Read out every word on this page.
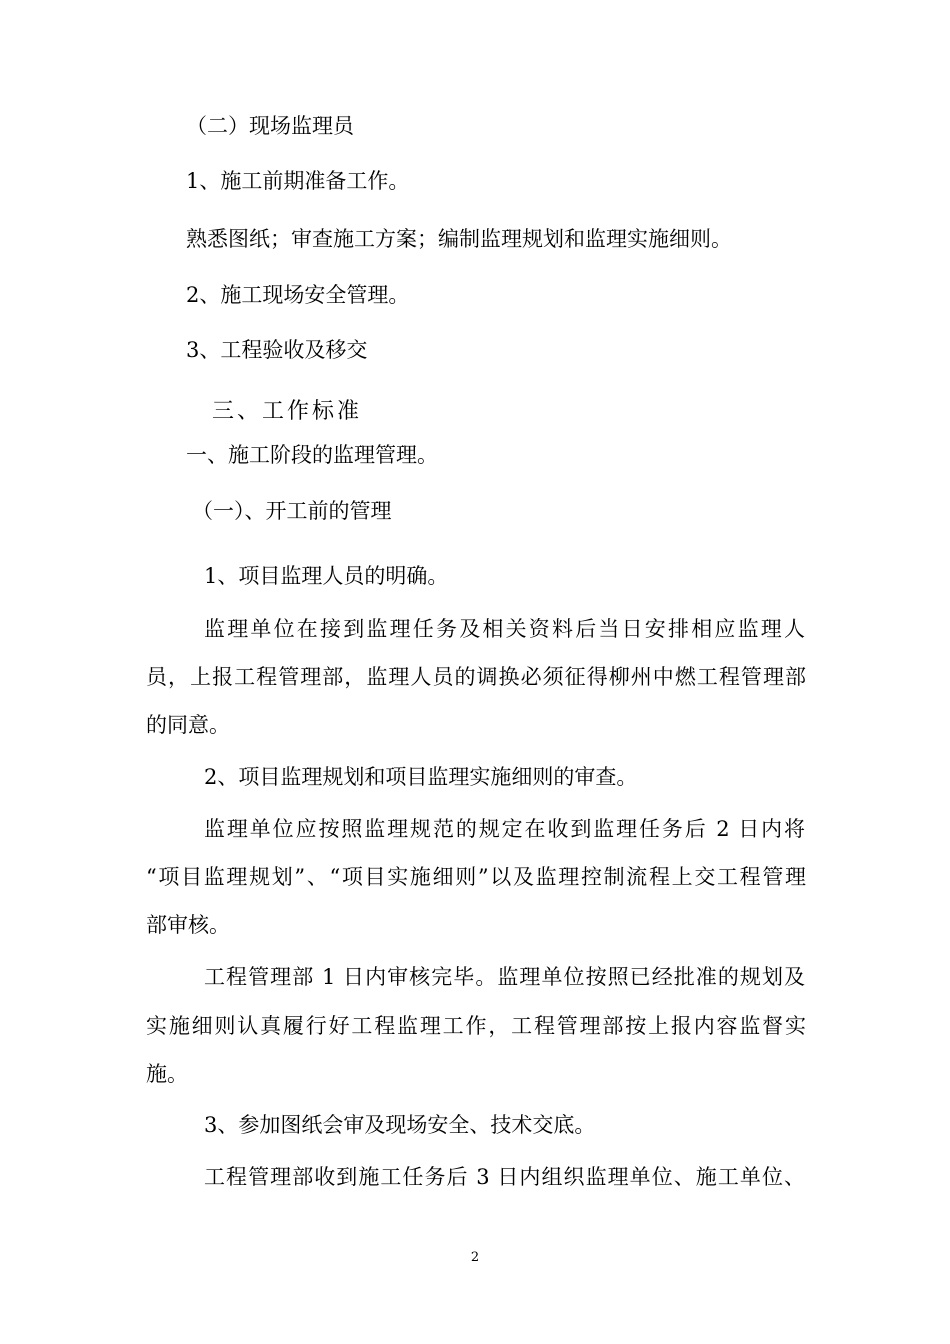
（二）现场监理员
1、施工前期准备工作。
熟悉图纸；审查施工方案；编制监理规划和监理实施细则。
2、施工现场安全管理。
3、工程验收及移交
三、工作标准
一、施工阶段的监理管理。
（一）、开工前的管理
1、项目监理人员的明确。
监理单位在接到监理任务及相关资料后当日安排相应监理人
员，上报工程管理部，监理人员的调换必须征得柳州中燃工程管理部
的同意。
2、项目监理规划和项目监理实施细则的审查。
监理单位应按照监理规范的规定在收到监理任务后 2 日内将
“项目监理规划”、“项目实施细则”以及监理控制流程上交工程管理
部审核。
工程管理部 1 日内审核完毕。监理单位按照已经批准的规划及
实施细则认真履行好工程监理工作，工程管理部按上报内容监督实
施。
3、参加图纸会审及现场安全、技术交底。
工程管理部收到施工任务后 3 日内组织监理单位、施工单位、
2
